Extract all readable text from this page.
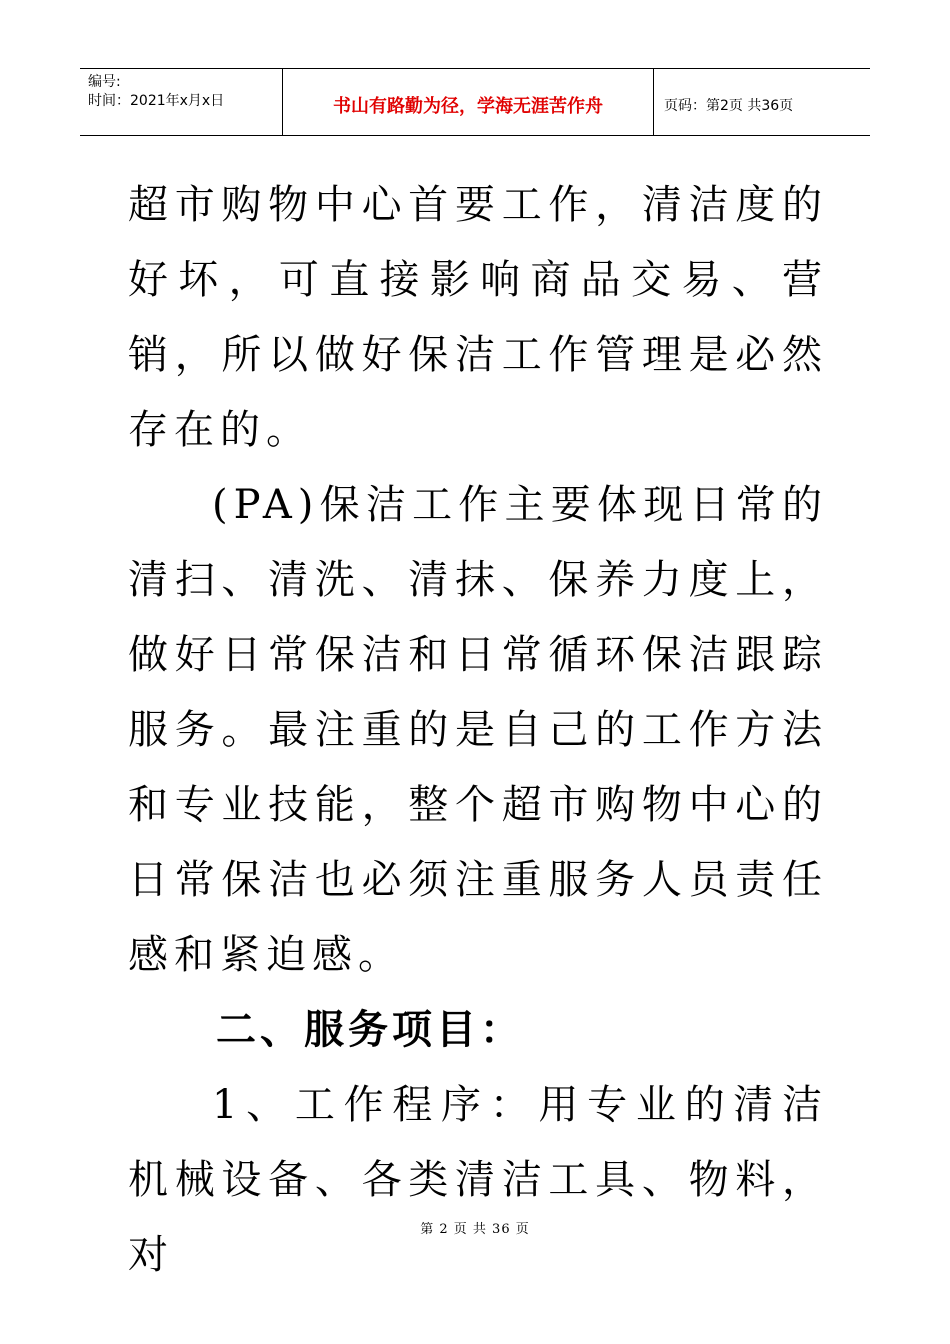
编号:
时间：2021年x月x日	书山有路勤为径，学海无涯苦作舟	页码：第2页 共36页

超市购物中心首要工作，清洁度的好坏，可直接影响商品交易、营销，所以做好保洁工作管理是必然存在的。

(PA)保洁工作主要体现日常的清扫、清洗、清抹、保养力度上，做好日常保洁和日常循环保洁跟踪服务。最注重的是自己的工作方法和专业技能，整个超市购物中心的日常保洁也必须注重服务人员责任感和紧迫感。

二、服务项目：

1、工作程序：用专业的清洁机械设备、各类清洁工具、物料，对

第 2 页 共 36 页
